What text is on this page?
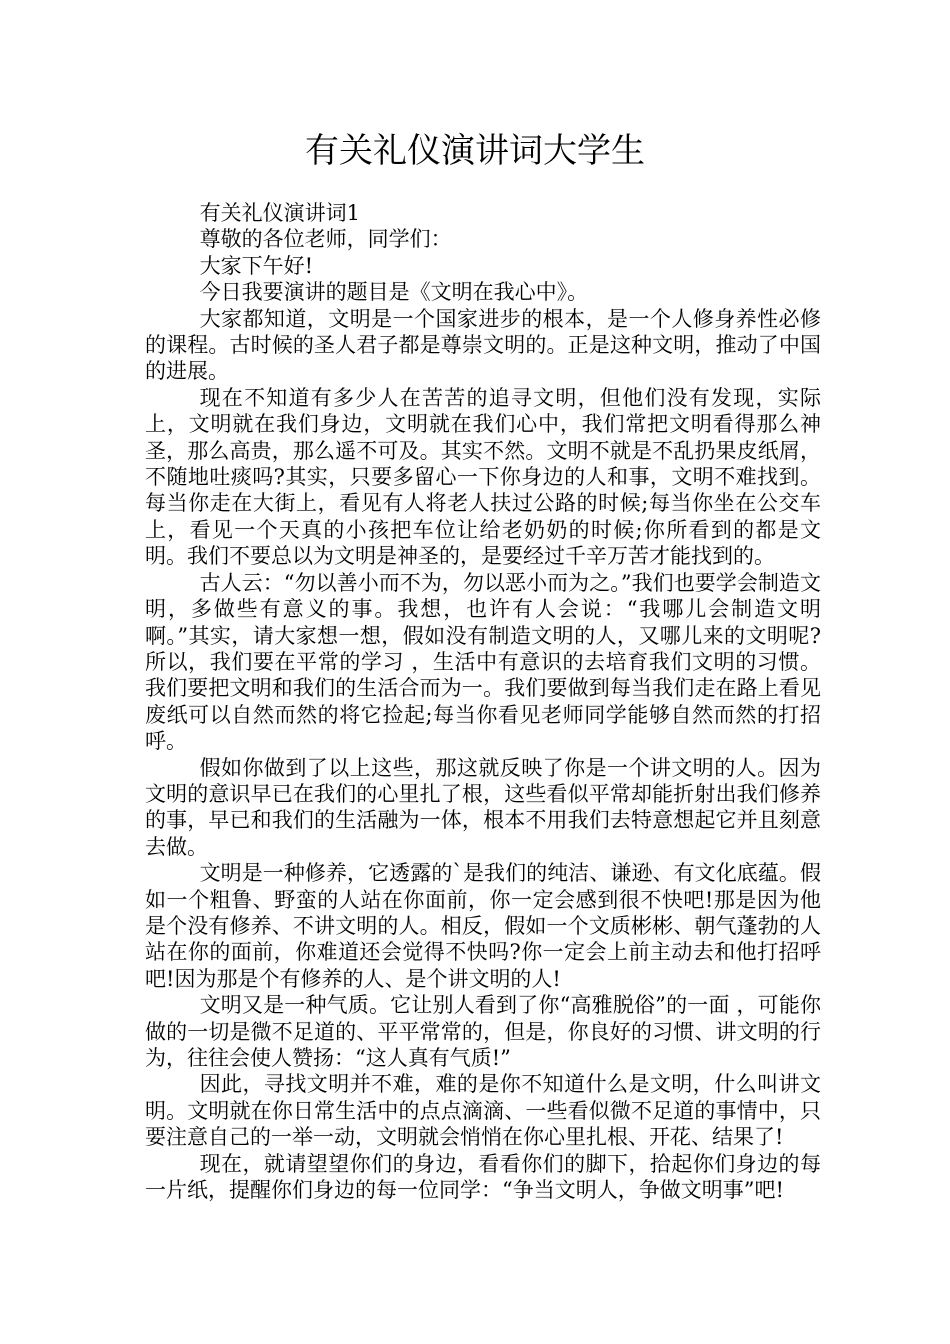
有关礼仪演讲词大学生

有关礼仪演讲词1

尊敬的各位老师，同学们：

大家下午好!

今日我要演讲的题目是《文明在我心中》。

大家都知道，文明是一个国家进步的根本，是一个人修身养性必修的课程。古时候的圣人君子都是尊崇文明的。正是这种文明，推动了中国的进展。

现在不知道有多少人在苦苦的追寻文明，但他们没有发现，实际上，文明就在我们身边，文明就在我们心中，我们常把文明看得那么神圣，那么高贵，那么遥不可及。其实不然。文明不就是不乱扔果皮纸屑，不随地吐痰吗?其实，只要多留心一下你身边的人和事，文明不难找到。每当你走在大街上，看见有人将老人扶过公路的时候;每当你坐在公交车上，看见一个天真的小孩把车位让给老奶奶的时候;你所看到的都是文明。我们不要总以为文明是神圣的，是要经过千辛万苦才能找到的。

古人云：“勿以善小而不为，勿以恶小而为之。”我们也要学会制造文明，多做些有意义的事。我想，也许有人会说：“我哪儿会制造文明啊。”其实，请大家想一想，假如没有制造文明的人，又哪儿来的文明呢?所以，我们要在平常的学习 ，生活中有意识的去培育我们文明的习惯。我们要把文明和我们的生活合而为一。我们要做到每当我们走在路上看见废纸可以自然而然的将它捡起;每当你看见老师同学能够自然而然的打招呼。

假如你做到了以上这些，那这就反映了你是一个讲文明的人。因为文明的意识早已在我们的心里扎了根，这些看似平常却能折射出我们修养的事，早已和我们的生活融为一体，根本不用我们去特意想起它并且刻意去做。

文明是一种修养，它透露的`是我们的纯洁、谦逊、有文化底蕴。假如一个粗鲁、野蛮的人站在你面前，你一定会感到很不快吧!那是因为他是个没有修养、不讲文明的人。相反，假如一个文质彬彬、朝气蓬勃的人站在你的面前，你难道还会觉得不快吗?你一定会上前主动去和他打招呼吧!因为那是个有修养的人、是个讲文明的人!

文明又是一种气质。它让别人看到了你“高雅脱俗”的一面 ，可能你做的一切是微不足道的、平平常常的，但是，你良好的习惯、讲文明的行为，往往会使人赞扬：“这人真有气质!”

因此，寻找文明并不难，难的是你不知道什么是文明，什么叫讲文明。文明就在你日常生活中的点点滴滴、一些看似微不足道的事情中，只要注意自己的一举一动，文明就会悄悄在你心里扎根、开花、结果了!

现在，就请望望你们的身边，看看你们的脚下，拾起你们身边的每一片纸，提醒你们身边的每一位同学：“争当文明人，争做文明事”吧!
